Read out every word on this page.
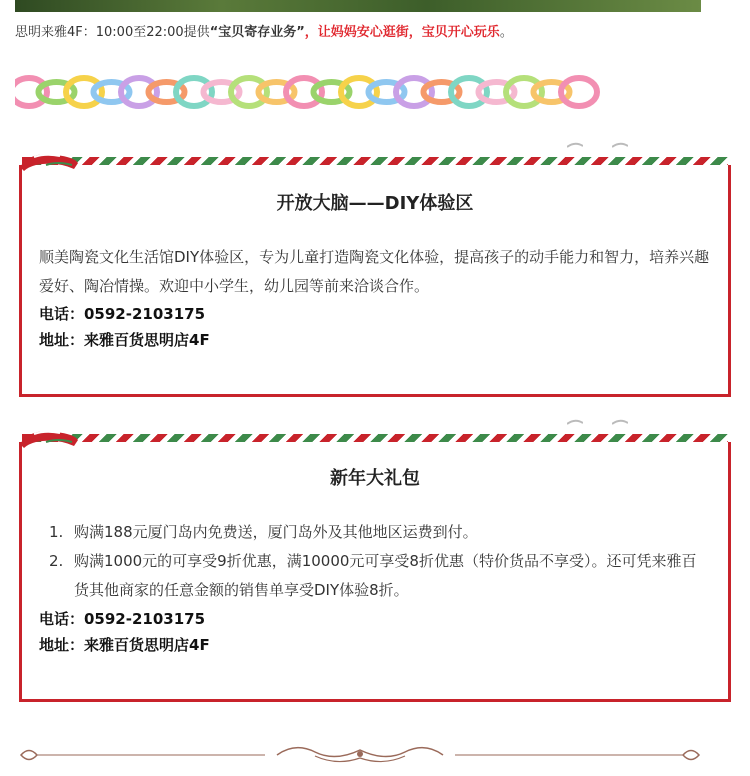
思明来雅4F：10:00至22:00提供“宝贝寄存业务”，让妈妈安心逛街，宝贝开心玩乐。
开放大脑——DIY体验区
顺美陶瓷文化生活馆DIY体验区，专为儿童打造陶瓷文化体验，提高孩子的动手能力和智力，培养兴趣爱好、陶冶情操。欢迎中小学生，幼儿园等前来洽谈合作。
电话：0592-2103175
地址：来雅百货思明店4F
新年大礼包
1. 购满188元厦门岛内免费送，厦门岛外及其他地区运费到付。
2. 购满1000元的可享受9折优惠，满10000元可享受8折优惠（特价货品不享受）。还可凭来雅百货其他商家的任意金额的销售单享受DIY体验8折。
电话：0592-2103175
地址：来雅百货思明店4F
